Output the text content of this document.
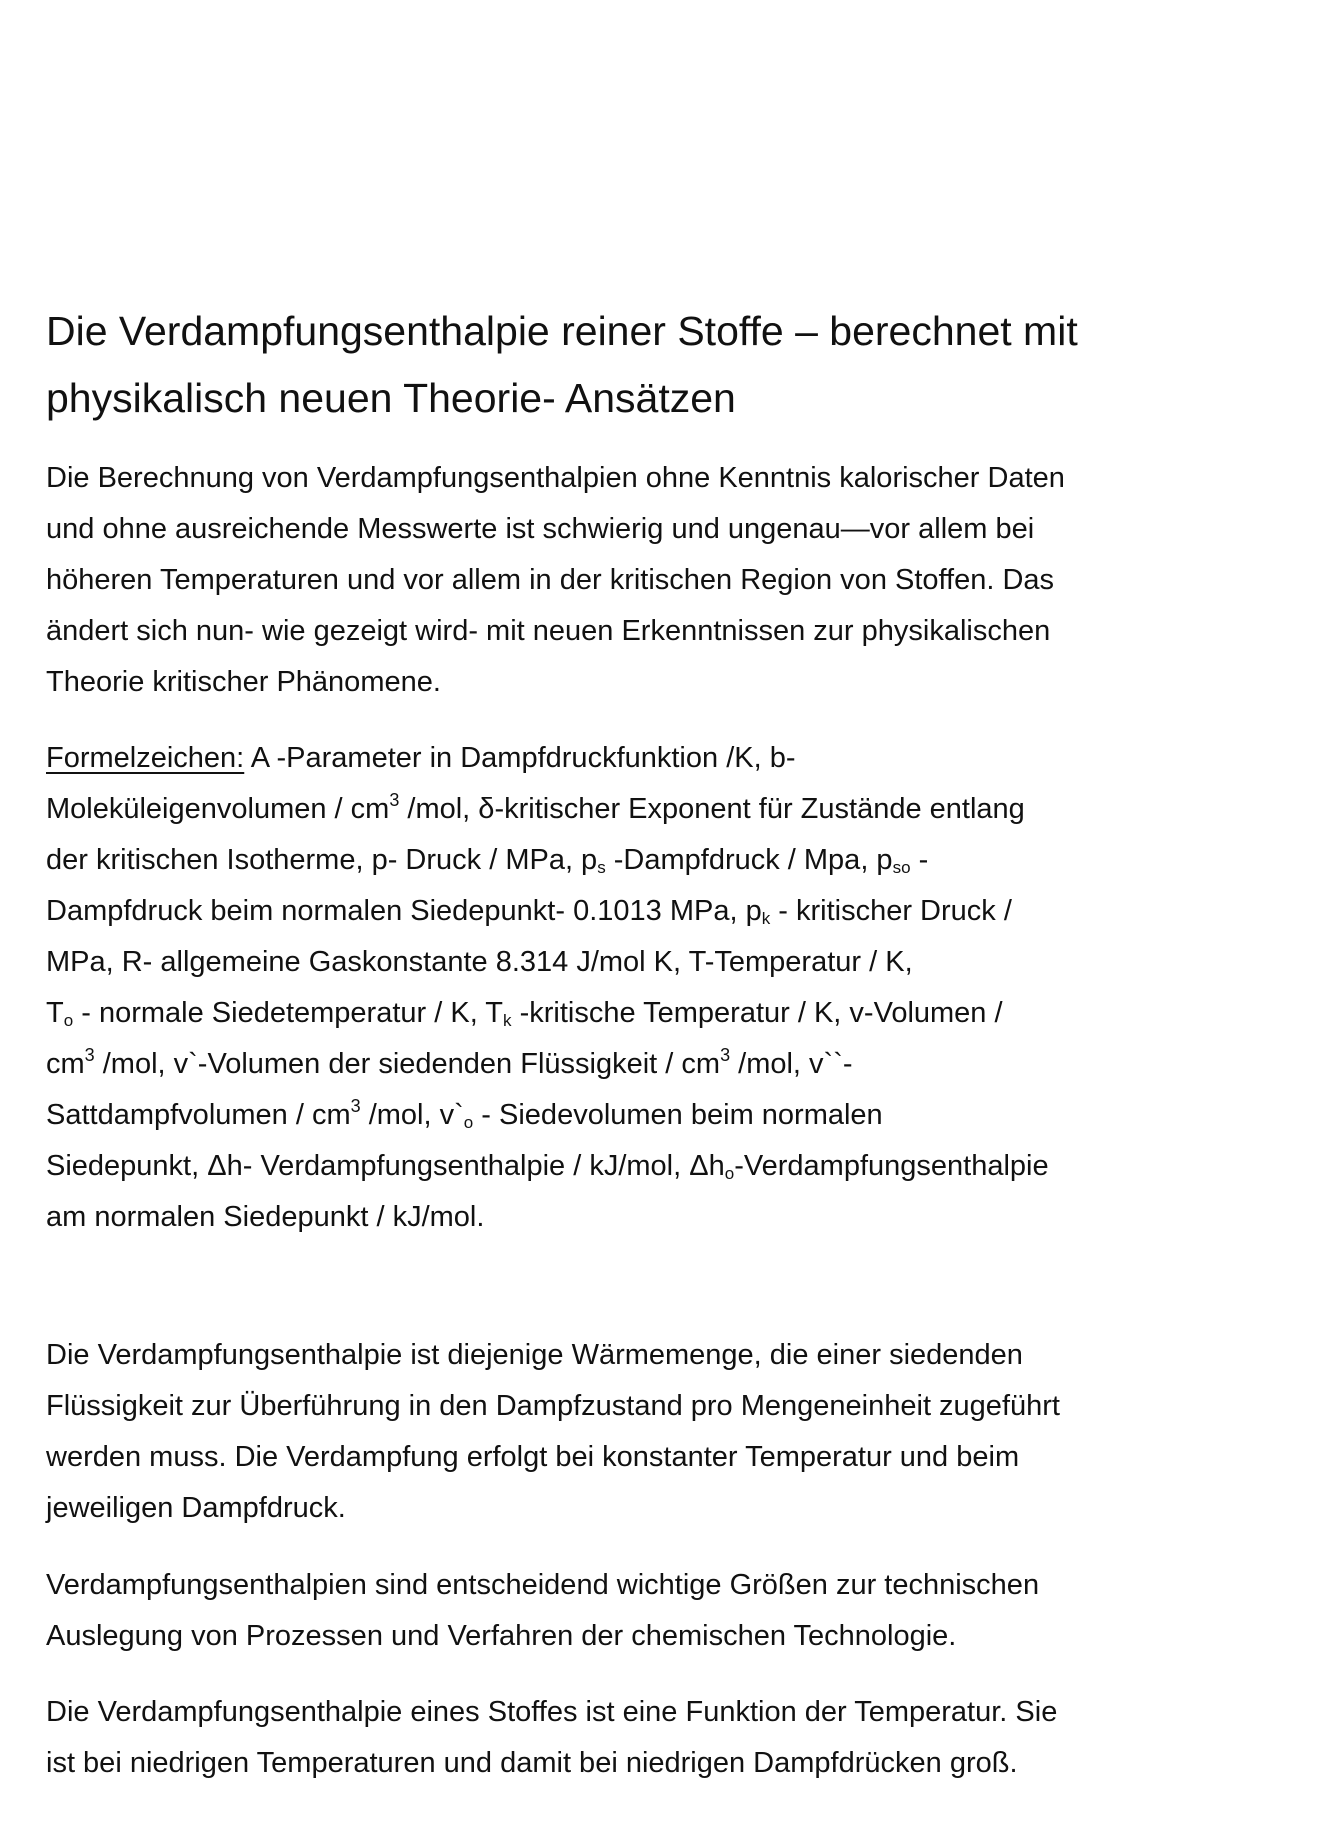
Die Verdampfungsenthalpie reiner Stoffe – berechnet mit
physikalisch neuen Theorie- Ansätzen
Die Berechnung von Verdampfungsenthalpien ohne Kenntnis kalorischer Daten
und ohne ausreichende Messwerte ist schwierig und ungenau—vor allem bei
höheren Temperaturen und vor allem in der kritischen Region von Stoffen. Das
ändert sich nun- wie gezeigt wird- mit neuen Erkenntnissen zur physikalischen
Theorie kritischer Phänomene.
Formelzeichen: A -Parameter in Dampfdruckfunktion /K, b-
Moleküleigenvolumen / $cm^3$ /mol, δ-kritischer Exponent für Zustände entlang
der kritischen Isotherme, p- Druck / MPa, $p_s$ -Dampfdruck / Mpa, $p_{so}$ -
Dampfdruck beim normalen Siedepunkt- 0.1013 MPa, $p_k$ - kritischer Druck /
MPa, R- allgemeine Gaskonstante 8.314 J/mol K, T-Temperatur / K,
$T_o$ - normale Siedetemperatur / K, $T_k$ -kritische Temperatur / K, v-Volumen /
$cm^3$ /mol, v`-Volumen der siedenden Flüssigkeit / $cm^3$ /mol, v``-
Sattdampfvolumen / $cm^3$ /mol, $v`_o$ - Siedevolumen beim normalen
Siedepunkt, Δh- Verdampfungsenthalpie / kJ/mol, $\Delta h_o$-Verdampfungsenthalpie
am normalen Siedepunkt / kJ/mol.
Die Verdampfungsenthalpie ist diejenige Wärmemenge, die einer siedenden
Flüssigkeit zur Überführung in den Dampfzustand pro Mengeneinheit zugeführt
werden muss. Die Verdampfung erfolgt bei konstanter Temperatur und beim
jeweiligen Dampfdruck.
Verdampfungsenthalpien sind entscheidend wichtige Größen zur technischen
Auslegung von Prozessen und Verfahren der chemischen Technologie.
Die Verdampfungsenthalpie eines Stoffes ist eine Funktion der Temperatur. Sie
ist bei niedrigen Temperaturen und damit bei niedrigen Dampfdrücken groß.
